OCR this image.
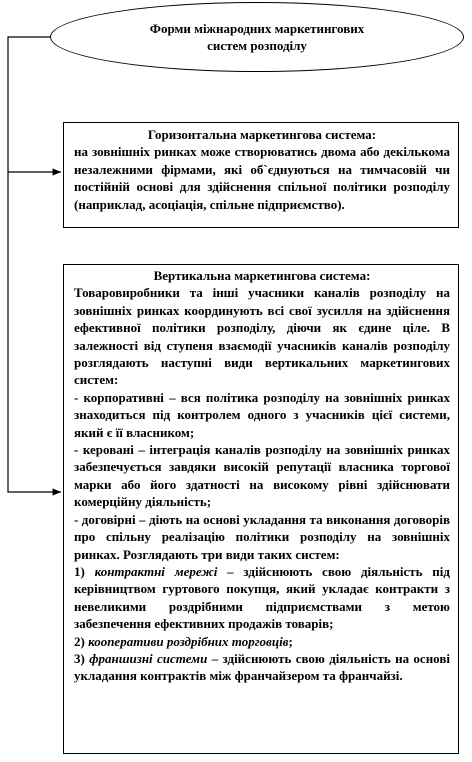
Форми міжнародних маркетингових
систем розподілу
Горизонтальна маркетингова система:
на зовнішніх ринках може створюватись двома або декількома незалежними фірмами, які об`єднуються на тимчасовій чи постійній основі для здійснення спільної політики розподілу (наприклад, асоціація, спільне підприємство).
Вертикальна маркетингова система:

Товаровиробники та інші учасники каналів розподілу на зовнішніх ринках координують всі свої зусилля на здійснення ефективної політики розподілу, діючи як єдине ціле. В залежності від ступеня взаємодії учасників каналів розподілу розглядають наступні види вертикальних маркетингових систем:

- корпоративні – вся політика розподілу на зовнішніх ринках знаходиться під контролем одного з учасників цієї системи, який є її власником;

- керовані – інтеграція каналів розподілу на зовнішніх ринках забезпечується завдяки високій репутації власника торгової марки або його здатності на високому рівні здійснювати комерційну діяльність;

- договірні – діють на основі укладання та виконання договорів про спільну реалізацію політики розподілу на зовнішніх ринках. Розглядають три види таких систем:

1) контрактні мережі – здійснюють свою діяльність під керівництвом гуртового покупця, який укладає контракти з невеликими роздрібними підприємствами з метою забезпечення ефективних продажів товарів;

2) кооперативи роздрібних торговців;

3) франшизні системи – здійснюють свою діяльність на основі укладання контрактів між франчайзером та франчайзі.
